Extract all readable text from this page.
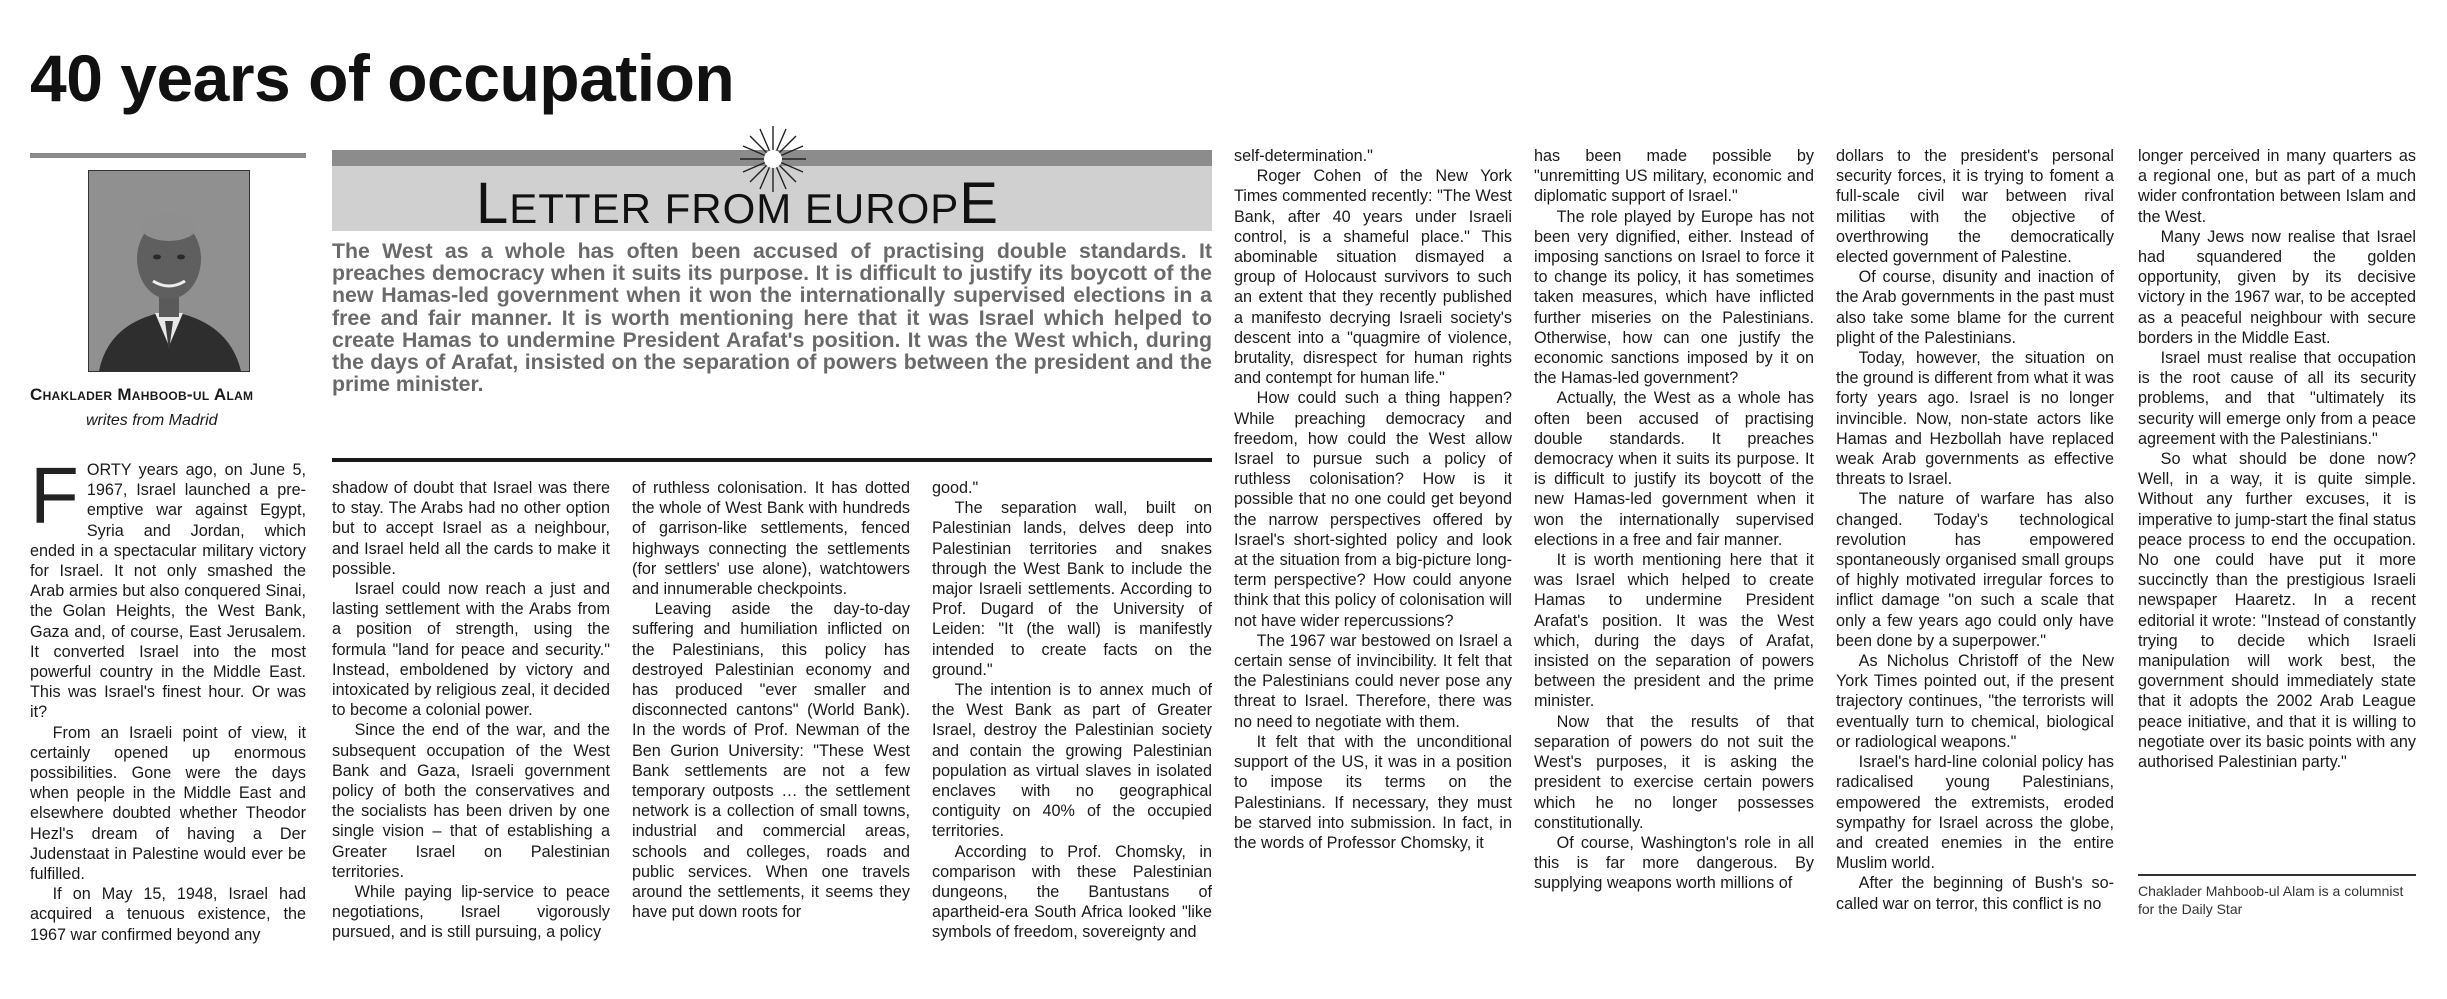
40 years of occupation
Chaklader Mahboob-ul Alam
writes from Madrid
LETTER FROM EUROPE

The West as a whole has often been accused of practising double standards. It preaches democracy when it suits its purpose. It is difficult to justify its boycott of the new Hamas-led government when it won the internationally supervised elections in a free and fair manner. It is worth mentioning here that it was Israel which helped to create Hamas to undermine President Arafat's position. It was the West which, during the days of Arafat, insisted on the separation of powers between the president and the prime minister.

FORTY years ago, on June 5, 1967, Israel launched a pre-emptive war against Egypt, Syria and Jordan, which ended in a spectacular military victory for Israel. It not only smashed the Arab armies but also conquered Sinai, the Golan Heights, the West Bank, Gaza and, of course, East Jerusalem. It converted Israel into the most powerful country in the Middle East. This was Israel's finest hour. Or was it?

From an Israeli point of view, it certainly opened up enormous possibilities. Gone were the days when people in the Middle East and elsewhere doubted whether Theodor Hezl's dream of having a Der Judenstaat in Palestine would ever be fulfilled.

If on May 15, 1948, Israel had acquired a tenuous existence, the 1967 war confirmed beyond any

shadow of doubt that Israel was there to stay. The Arabs had no other option but to accept Israel as a neighbour, and Israel held all the cards to make it possible.

Israel could now reach a just and lasting settlement with the Arabs from a position of strength, using the formula "land for peace and security." Instead, emboldened by victory and intoxicated by religious zeal, it decided to become a colonial power.

Since the end of the war, and the subsequent occupation of the West Bank and Gaza, Israeli government policy of both the conservatives and the socialists has been driven by one single vision – that of establishing a Greater Israel on Palestinian territories.

While paying lip-service to peace negotiations, Israel vigorously pursued, and is still pursuing, a policy

of ruthless colonisation. It has dotted the whole of West Bank with hundreds of garrison-like settlements, fenced highways connecting the settlements (for settlers' use alone), watchtowers and innumerable checkpoints.

Leaving aside the day-to-day suffering and humiliation inflicted on the Palestinians, this policy has destroyed Palestinian economy and has produced "ever smaller and disconnected cantons" (World Bank). In the words of Prof. Newman of the Ben Gurion University: "These West Bank settlements are not a few temporary outposts … the settlement network is a collection of small towns, industrial and commercial areas, schools and colleges, roads and public services. When one travels around the settlements, it seems they have put down roots for

good."

The separation wall, built on Palestinian lands, delves deep into Palestinian territories and snakes through the West Bank to include the major Israeli settlements. According to Prof. Dugard of the University of Leiden: "It (the wall) is manifestly intended to create facts on the ground."

The intention is to annex much of the West Bank as part of Greater Israel, destroy the Palestinian society and contain the growing Palestinian population as virtual slaves in isolated enclaves with no geographical contiguity on 40% of the occupied territories.

According to Prof. Chomsky, in comparison with these Palestinian dungeons, the Bantustans of apartheid-era South Africa looked "like symbols of freedom, sovereignty and

self-determination."

Roger Cohen of the New York Times commented recently: "The West Bank, after 40 years under Israeli control, is a shameful place." This abominable situation dismayed a group of Holocaust survivors to such an extent that they recently published a manifesto decrying Israeli society's descent into a "quagmire of violence, brutality, disrespect for human rights and contempt for human life."

How could such a thing happen? While preaching democracy and freedom, how could the West allow Israel to pursue such a policy of ruthless colonisation? How is it possible that no one could get beyond the narrow perspectives offered by Israel's short-sighted policy and look at the situation from a big-picture long-term perspective? How could anyone think that this policy of colonisation will not have wider repercussions?

The 1967 war bestowed on Israel a certain sense of invincibility. It felt that the Palestinians could never pose any threat to Israel. Therefore, there was no need to negotiate with them.

It felt that with the unconditional support of the US, it was in a position to impose its terms on the Palestinians. If necessary, they must be starved into submission. In fact, in the words of Professor Chomsky, it

has been made possible by "unremitting US military, economic and diplomatic support of Israel."

The role played by Europe has not been very dignified, either. Instead of imposing sanctions on Israel to force it to change its policy, it has sometimes taken measures, which have inflicted further miseries on the Palestinians. Otherwise, how can one justify the economic sanctions imposed by it on the Hamas-led government?

Actually, the West as a whole has often been accused of practising double standards. It preaches democracy when it suits its purpose. It is difficult to justify its boycott of the new Hamas-led government when it won the internationally supervised elections in a free and fair manner.

It is worth mentioning here that it was Israel which helped to create Hamas to undermine President Arafat's position. It was the West which, during the days of Arafat, insisted on the separation of powers between the president and the prime minister.

Now that the results of that separation of powers do not suit the West's purposes, it is asking the president to exercise certain powers which he no longer possesses constitutionally.

Of course, Washington's role in all this is far more dangerous. By supplying weapons worth millions of

dollars to the president's personal security forces, it is trying to foment a full-scale civil war between rival militias with the objective of overthrowing the democratically elected government of Palestine.

Of course, disunity and inaction of the Arab governments in the past must also take some blame for the current plight of the Palestinians.

Today, however, the situation on the ground is different from what it was forty years ago. Israel is no longer invincible. Now, non-state actors like Hamas and Hezbollah have replaced weak Arab governments as effective threats to Israel.

The nature of warfare has also changed. Today's technological revolution has empowered spontaneously organised small groups of highly motivated irregular forces to inflict damage "on such a scale that only a few years ago could only have been done by a superpower."

As Nicholus Christoff of the New York Times pointed out, if the present trajectory continues, "the terrorists will eventually turn to chemical, biological or radiological weapons."

Israel's hard-line colonial policy has radicalised young Palestinians, empowered the extremists, eroded sympathy for Israel across the globe, and created enemies in the entire Muslim world.

After the beginning of Bush's so-called war on terror, this conflict is no

longer perceived in many quarters as a regional one, but as part of a much wider confrontation between Islam and the West.

Many Jews now realise that Israel had squandered the golden opportunity, given by its decisive victory in the 1967 war, to be accepted as a peaceful neighbour with secure borders in the Middle East.

Israel must realise that occupation is the root cause of all its security problems, and that "ultimately its security will emerge only from a peace agreement with the Palestinians."

So what should be done now? Well, in a way, it is quite simple. Without any further excuses, it is imperative to jump-start the final status peace process to end the occupation. No one could have put it more succinctly than the prestigious Israeli newspaper Haaretz. In a recent editorial it wrote: "Instead of constantly trying to decide which Israeli manipulation will work best, the government should immediately state that it adopts the 2002 Arab League peace initiative, and that it is willing to negotiate over its basic points with any authorised Palestinian party."

Chaklader Mahboob-ul Alam is a columnist for the Daily Star
